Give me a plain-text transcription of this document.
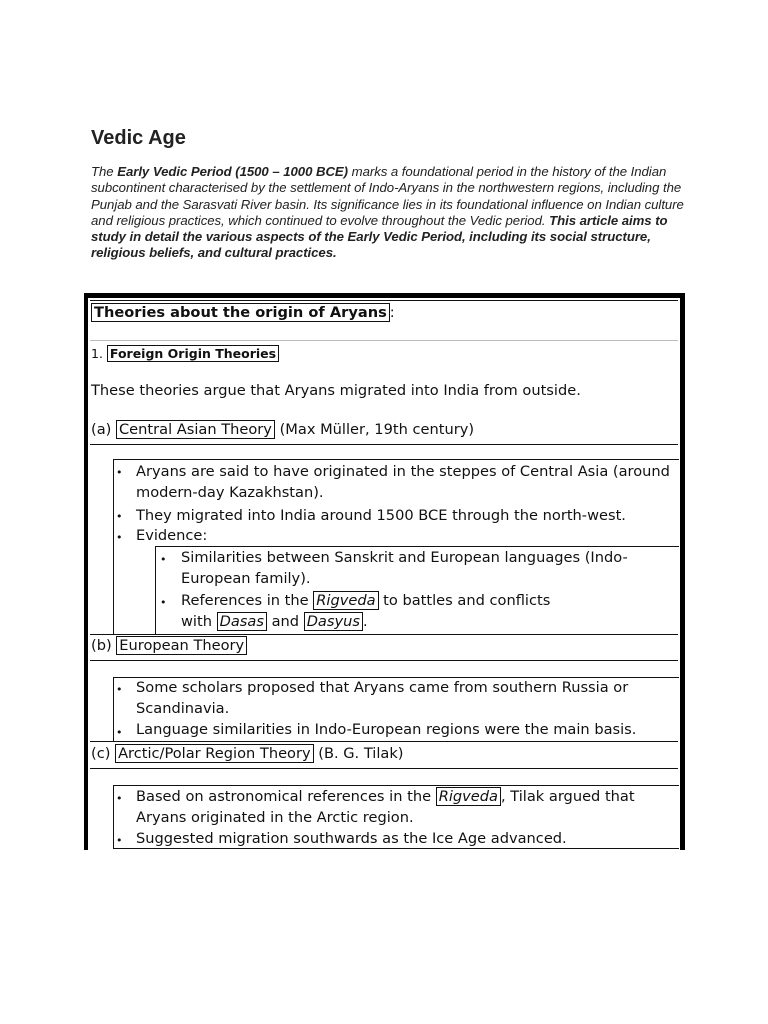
Vedic Age
The Early Vedic Period (1500 – 1000 BCE) marks a foundational period in the history of the Indian subcontinent characterised by the settlement of Indo-Aryans in the northwestern regions, including the Punjab and the Sarasvati River basin. Its significance lies in its foundational influence on Indian culture and religious practices, which continued to evolve throughout the Vedic period. This article aims to study in detail the various aspects of the Early Vedic Period, including its social structure, religious beliefs, and cultural practices.
Theories about the origin of Aryans :
1. Foreign Origin Theories
These theories argue that Aryans migrated into India from outside.
(a) Central Asian Theory (Max Müller, 19th century)
• Aryans are said to have originated in the steppes of Central Asia (around
modern-day Kazakhstan).
• They migrated into India around 1500 BCE through the north-west.
• Evidence:
• Similarities between Sanskrit and European languages (Indo-
European family).
• References in the Rigveda to battles and conflicts
with Dasas and Dasyus .
(b) European Theory
• Some scholars proposed that Aryans came from southern Russia or
Scandinavia.
• Language similarities in Indo-European regions were the main basis.
(c) Arctic/Polar Region Theory (B. G. Tilak)
• Based on astronomical references in the Rigveda , Tilak argued that
Aryans originated in the Arctic region.
• Suggested migration southwards as the Ice Age advanced.
